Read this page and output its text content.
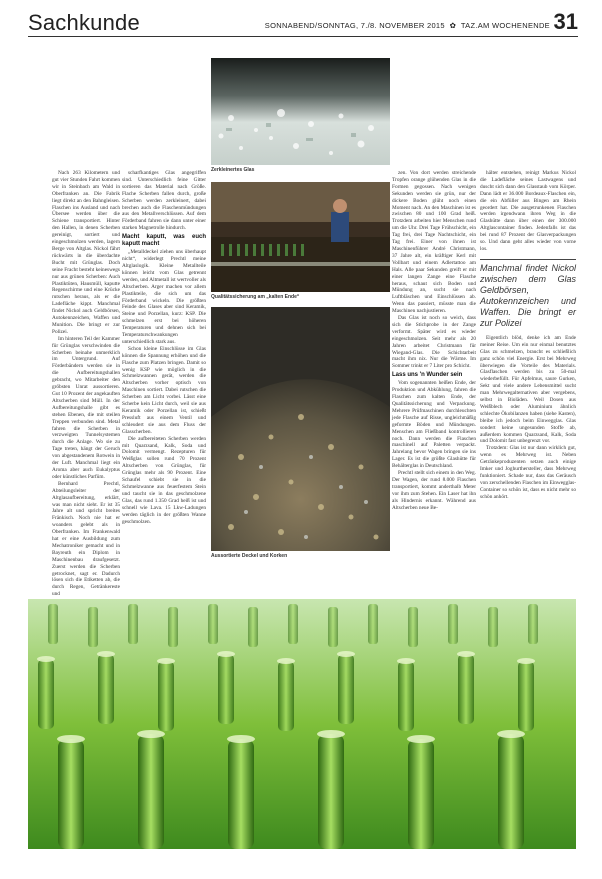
Sachkunde	SONNABEND/SONNTAG, 7./8. NOVEMBER 2015  ✿  TAZ.AM WOCHENENDE 31
Zerkleinertes Glas
Qualitätssicherung am „kalten Ende“
Aussortierte Deckel und Korken

Nach 263 Kilometern und gut vier Stunden Fahrt kommen wir in Steinbach am Wald in Oberfranken an. Die Fabrik liegt direkt an den Bahngleisen. Flaschen ins Ausland und nach Übersee werden über die Schiene transportiert. Hinter den Hallen, in denen Scherben gereinigt, sortiert und eingeschmolzen werden, lagern Berge von Altglas. Nickol fährt rückwärts in die überdachte Bucht mit Grünglas. Doch seine Fracht besteht keineswegs nur aus grünen Scherben: Auch Plastiktüten, Hausmüll, kaputte Regenschirme und eine Krücke rutschen heraus, als er die Ladefläche kippt. Manchmal findet Nickol auch Geldbörsen, Autokennzeichen, Waffen und Munition. Die bringt er zur Polizei.

Im hinteren Teil der Kammer für Grünglas verschwinden die Scherben beinahe unmerklich im Untergrund. Auf Förderbändern werden sie in die Aufbereitungshallen gebracht, wo Mitarbeiter den gröbsten Unrat aussortieren. Gut 10 Prozent der angekauften Altscherben sind Müll. In der Aufbereitungshalle gibt es stehen Ebenen, die mit steilen Treppen verbunden sind. Metal fahren die Scherben in verzweigten Tunnelsystemen durch die Anlage. Wo sie zu Tage treten, hängt der Geruch von abgestandenem Rotwein in der Luft. Manchmal liegt ein Aroma aber auch Eukalyptus oder künstliches Parfüm.

Bernhard Prechtl, Abteilungsleiter der Altglasaufbereitung, erklärt, was man nicht sieht. Er ist 35 Jahre alt und spricht breites Fränkisch. Noch nie hat er woanders gelebt als in Oberfranken. Im Frankenwald hat er eine Ausbildung zum Mechatroniker gemacht und in Bayreuth ein Diplom in Maschinenbau draufgesetzt. Zuerst werden die Scherben getrocknet, sagt er. Dadurch lösen sich die Etiketten ab, die durch Regen, Getränkereste und

scharfkantiges Glas angegriffen sind. Unterschiedlich feine Gitter sortieren das Material nach Größe. Flache Scherben fallen durch, große Scherben werden zerkleinert, dabei brechen auch die Flaschenmündungen aus den Metallverschlüssen. Auf dem Förderband fahren sie dann unter einer starken Magnetrolle hindurch.

Macht kaputt, was euch kaputt macht

„Metalldeckel ziehen uns überhaupt nicht“, widerlegt Prechtl meine Altglaslogik. Kleine Metallteile können leicht vom Glas getrennt werden, und Altmetall ist wertvoller als Altscherben. Arger machen vor allem Plastikteile, die sich um das Förderband wickeln. Die größten Feinde des Glases aber sind Keramik, Steine und Porzellan, kurz: KSP. Die schmelzen erst bei höheren Temperaturen und dehnen sich bei Temperaturschwankungen unterschiedlich stark aus.

Schon kleine Einschlüsse im Glas können die Spannung erhöhen und die Flasche zum Platzen bringen. Damit so wenig KSP wie möglich in die Schmelzwannen gerät, werden die Altscherben vorher optisch von Maschinen sortiert. Dabei rutschen die Scherben am Licht vorbei. Lässt eine Scherbe kein Licht durch, weil sie aus Keramik oder Porzellan ist, schießt Pressluft aus einem Ventil und schleudert sie aus dem Fluss der Glasscherben.

Die aufbereiteten Scherben werden mit Quarzsand, Kalk, Soda und Dolomit vermengt. Rezepturen für Weißglas sollen rund 70 Prozent Altscherben von Grünglas, für Grünglas mehr als 90 Prozent. Eine Schaufel schiebt sie in die Schmelzwanne aus feuerfestem Stein und taucht sie in das geschmolzene Glas, das rund 1.350 Grad heiß ist und schnell wie Lava. 15 Lkw-Ladungen werden täglich in der größten Wanne geschmolzen.

zen. Von dort werden streichende Tropfen orange glühenden Glas in die Formen gegossen. Nach wenigen Sekunden werden sie grün, nur der dickere Boden glüht noch einen Moment nach. An den Maschinen ist es zwischen 80 und 100 Grad heiß. Trotzdem arbeiten hier Menschen rund um die Uhr. Drei Tage Frühschicht, ein Tag frei, drei Tage Nachtschicht, ein Tag frei. Einer von ihnen ist Maschinenführer André Christmann, 37 Jahre alt, ein kräftiger Kerl mit Vollbart und einem Adlertattoo am Hals. Alle paar Sekunden greift er mit einer langen Zange eine Flasche heraus, schaut sich Boden und Mündung an, sucht sie nach Luftbläschen und Einschlüssen ab. Wenn das passiert, müsste man die Maschinen nachjustieren.

Das Glas ist noch so weich, dass sich die Stichprobe in der Zange verformt. Später wird es wieder eingeschmolzen. Seit mehr als 20 Jahren arbeitet Christmann für Wiegand-Glas. Die Schichtarbeit macht ihm nix. Nur die Wärme. Im Sommer trinkt er 7 Liter pro Schicht.

Lass uns 'n Wunder sein

Vom sogenannten heißen Ende, der Produktion und Abkühlung, fahren die Flaschen zum kalten Ende, der Qualitätssicherung und Verpackung. Mehrere Prüfmaschinen durchleuchten jede Flasche auf Risse, ungleichmäßig geformte Böden und Mündungen. Menschen am Fließband kontrollieren noch. Dann werden die Flaschen maschinell auf Paletten verpackt. Jahrelang bevor Wagen bringen sie ins Lager. Es ist die größte Glashütte für Behälterglas in Deutschland.

Prechtl stellt sich einem in den Weg. Der Wagen, der rund 8.000 Flaschen transportiert, kommt anderthalb Meter vor ihm zum Stehen. Ein Laser hat ihn als Hindernis erkannt. Während aus Altscherben neue Be-

hälter entstehen, reinigt Markus Nickol die Ladefläche seines Lastwagens und duscht sich dann den Glasstaub vom Körper. Dann lädt er 36.000 Bordeaux-Flaschen ein, die ein Abfüller aus Bingen am Rhein geordert hat. Die ausgetrunkenen Flaschen werden irgendwann ihren Weg in die Glashütte dann über einen der 300.000 Altglascontainer finden. Jedenfalls ist das bei rund 87 Prozent der Glasverpackungen so. Und dann geht alles wieder von vorne los.

Manchmal findet Nickol zwischen dem Glas Geldbörsen, Autokennzeichen und Waffen. Die bringt er zur Polizei

Eigentlich blöd, denke ich am Ende meiner Reise. Um ein nur einmal benutztes Glas zu schmelzen, braucht es schließlich ganz schön viel Energie. Erst bei Mehrweg überwiegen die Vorteile des Materials. Glasflaschen werden bis zu 50-mal wiederbefüllt. Für Apfelmus, saure Gurken, Sekt und viele andere Lebensmittel sucht man Mehrwegalternativen aber vergebens, selbst in Bioläden. Weil Dosen aus Weißblech oder Aluminium ähnlich schlechte Ökobilanzen haben (siehe Kasten), bleibe ich jedoch beim Einwegglas. Glas sondert keine ungesunden Stoffe ab, außerdem kommen Quarzsand, Kalk, Soda und Dolomit fast unbegrenzt vor.

Trotzdem: Glas ist nur dann wirklich gut, wenn es Mehrweg ist. Neben Getränkeproduzenten setzen auch einige Imker und Joghurthersteller, dass Mehrweg funktioniert. Schade nur, dass das Geräusch von zerschellenden Flaschen im Einwegglas-Container so schön ist, dass es nicht mehr so schön anhört.
